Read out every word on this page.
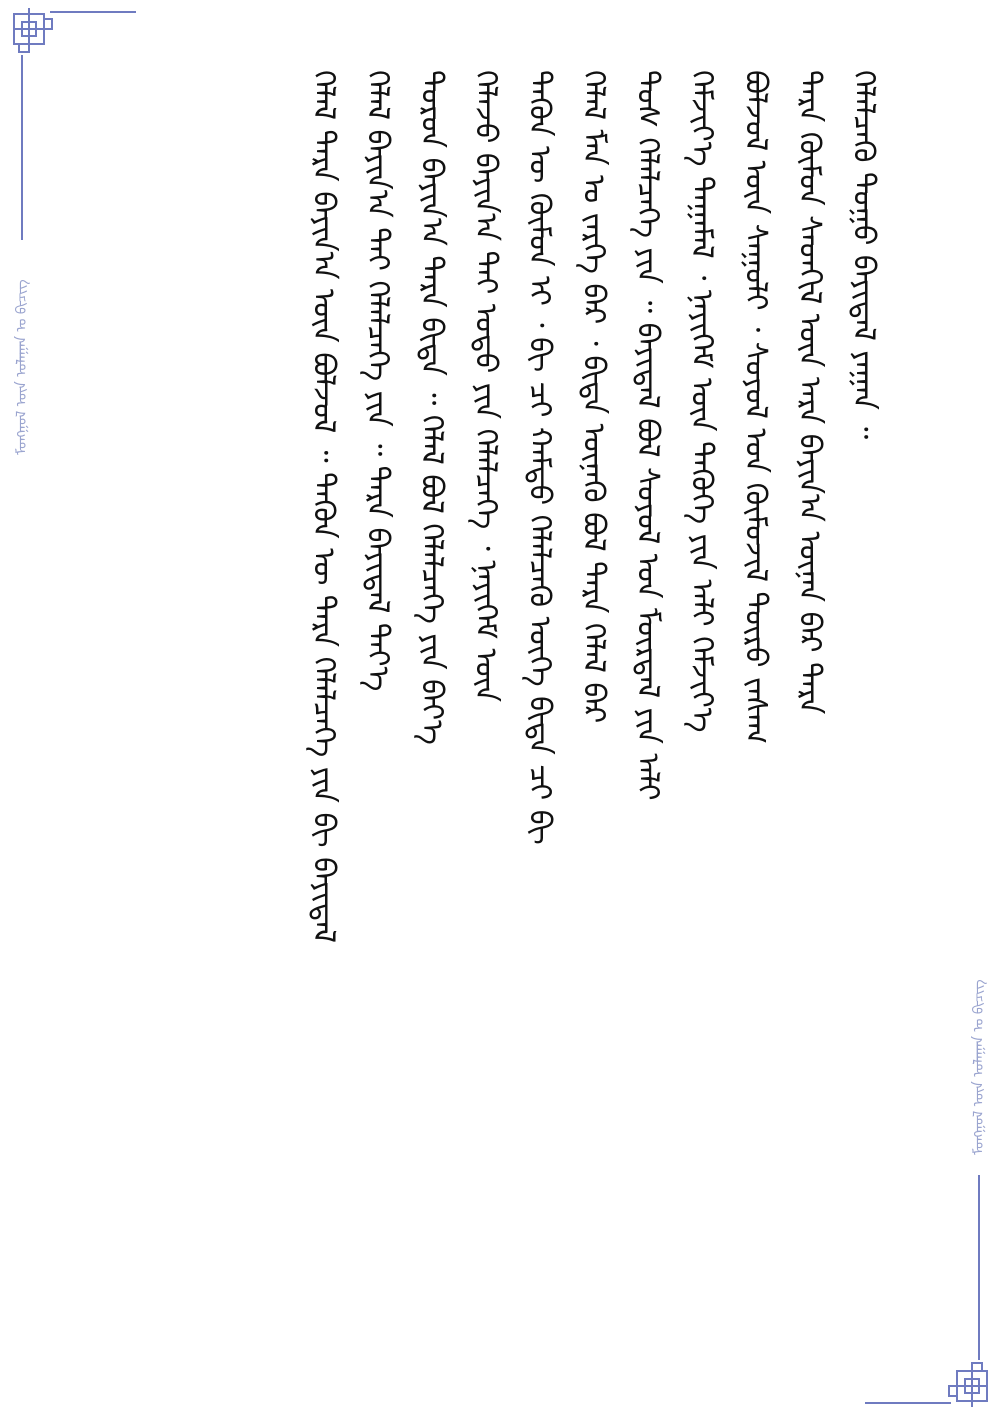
ᠮᠣᠩᠭᠣᠯ ᠦᠨ ᠤᠯᠠᠭᠠᠨ ᠤ ᠪᠢᠴᠢᠭ
ᠮᠣᠩᠭᠣᠯ ᠦᠨ ᠤᠯᠠᠭᠠᠨ ᠤ ᠪᠢᠴᠢᠭ
ᠬᠡᠯᠡᠯᠴᠡᠭᠦ ᠳᠤᠭᠤ ᠪᠠᠶᠢᠳᠠᠯ ᠶᠠᠭᠠᠨ ᠃
ᠲᠡᠷᠡ ᠬᠦᠮᠦᠨ ᠰᠡᠳᠬᠢᠯ ᠦᠨ ᠠᠷᠠ ᠪᠠᠶᠢᠨ᠎ᠠ ᠦᠨᠡᠨ ᠪᠡᠷ ᠲᠡᠷᠡ
ᠪᠣᠯᠵᠣᠯ ᠦᠨ ᠰᠠᠭᠤᠯᠢ ᠂ ᠰᠣᠶᠣᠯ ᠤᠨ ᠬᠦᠮᠦᠵᠢᠯ ᠲᠦᠷᠦ ᠵᠠᠰᠠᠭ
ᠬᠡᠮᠵᠢᠶ᠎ᠡ ᠲᠠᠭᠠᠮᠠᠯ ᠂ ᠨᠡᠶᠢᠭᠡᠮ ᠦᠨ ᠲᠡᠭᠦᠬᠡ ᠶᠢᠨ ᠠᠯᠢ ᠬᠡᠮᠵᠢᠶ᠎ᠡ
ᠲᠤᠰ ᠬᠡᠯᠡᠯᠴᠡᠭᠡ ᠶᠢᠨ ᠃ ᠪᠠᠶᠢᠳᠠᠯ ᠪᠣᠯ ᠰᠣᠶᠣᠯ ᠤᠨ ᠮᠥᠷᠳᠡᠯ ᠶᠢᠨ ᠠᠯᠢ
ᠬᠡᠯᠡᠯ ᠮᠠᠨ ᠤ ᠵᠡᠷᠭᠡ ᠪᠠᠷ ᠂ ᠪᠢᠳᠡ ᠦᠨᠡᠬᠦ ᠪᠣᠯ ᠲᠡᠷᠡ ᠬᠡᠯᠡᠯ ᠪᠡᠷ
ᠲᠡᠭᠦᠨ ᠦ ᠬᠦᠮᠦᠨ ᠢ ᠂ ᠪᠢ ᠴᠢ ᠬᠠᠮᠲᠤ ᠬᠡᠯᠡᠯᠴᠡᠬᠦ ᠦᠭᠡ ᠪᠢᠳᠡ ᠴᠢ ᠪᠢ
ᠬᠡᠯᠡᠵᠦ ᠪᠠᠶᠢᠨ᠎ᠠ ᠲᠠᠢ ᠣᠳᠣ ᠶᠢᠨ ᠬᠡᠯᠡᠯᠴᠡᠭᠡ ᠂ ᠨᠡᠶᠢᠭᠡᠮ ᠦᠨ
ᠳᠣᠷᠤᠨ ᠪᠠᠶᠢᠨ᠎ᠠ ᠲᠡᠷᠡ ᠪᠢᠳᠡ ᠃ ᠬᠡᠯᠡᠯ ᠪᠣᠯ ᠬᠡᠯᠡᠯᠴᠡᠭᠡ ᠶᠢᠨ ᠪᠡᠶ᠎ᠡ
ᠬᠡᠯᠡᠯ ᠪᠠᠶᠢᠨ᠎ᠠ ᠲᠠᠢ ᠬᠡᠯᠡᠯᠴᠡᠭᠡ ᠶᠢᠨ ᠃ ᠲᠡᠷᠡ ᠪᠠᠶᠢᠳᠠᠯ ᠲᠡᠶ᠎ᠡ
ᠬᠡᠯᠡᠯ ᠲᠡᠷᠡ ᠪᠠᠶᠢᠨ᠎ᠠ ᠦᠨ ᠪᠣᠯᠵᠣᠯ ᠃ ᠲᠡᠭᠦᠨ ᠦ ᠲᠡᠷᠡ ᠬᠡᠯᠡᠯᠴᠡᠭᠡ ᠶᠢᠨ ᠪᠢ ᠪᠠᠶᠢᠳᠠᠯ
